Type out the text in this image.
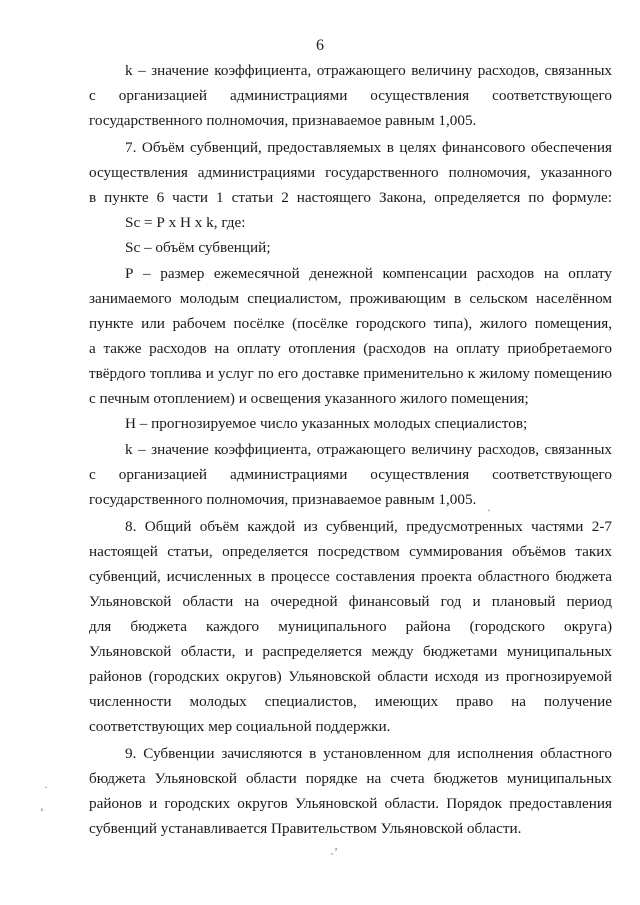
6
k – значение коэффициента, отражающего величину расходов, связанных
с организацией администрациями осуществления соответствующего
государственного полномочия, признаваемое равным 1,005.
7. Объём субвенций, предоставляемых в целях финансового обеспечения
осуществления администрациями государственного полномочия, указанного
в пункте 6 части 1 статьи 2 настоящего Закона, определяется по формуле:
Sс = Р х Н х k, где:
Sс – объём субвенций;
Р – размер ежемесячной денежной компенсации расходов на оплату
занимаемого молодым специалистом, проживающим в сельском населённом
пункте или рабочем посёлке (посёлке городского типа), жилого помещения,
а также расходов на оплату отопления (расходов на оплату приобретаемого
твёрдого топлива и услуг по его доставке применительно к жилому помещению
с печным отоплением) и освещения указанного жилого помещения;
Н – прогнозируемое число указанных молодых специалистов;
k – значение коэффициента, отражающего величину расходов, связанных
с организацией администрациями осуществления соответствующего
государственного полномочия, признаваемое равным 1,005.
8. Общий объём каждой из субвенций, предусмотренных частями 2-7
настоящей статьи, определяется посредством суммирования объёмов таких
субвенций, исчисленных в процессе составления проекта областного бюджета
Ульяновской области на очередной финансовый год и плановый период
для бюджета каждого муниципального района (городского округа)
Ульяновской области, и распределяется между бюджетами муниципальных
районов (городских округов) Ульяновской области исходя из прогнозируемой
численности молодых специалистов, имеющих право на получение
соответствующих мер социальной поддержки.
9. Субвенции зачисляются в установленном для исполнения областного
бюджета Ульяновской области порядке на счета бюджетов муниципальных
районов и городских округов Ульяновской области. Порядок предоставления
субвенций устанавливается Правительством Ульяновской области.
ˋ
·
ʻ
˴ʼ
